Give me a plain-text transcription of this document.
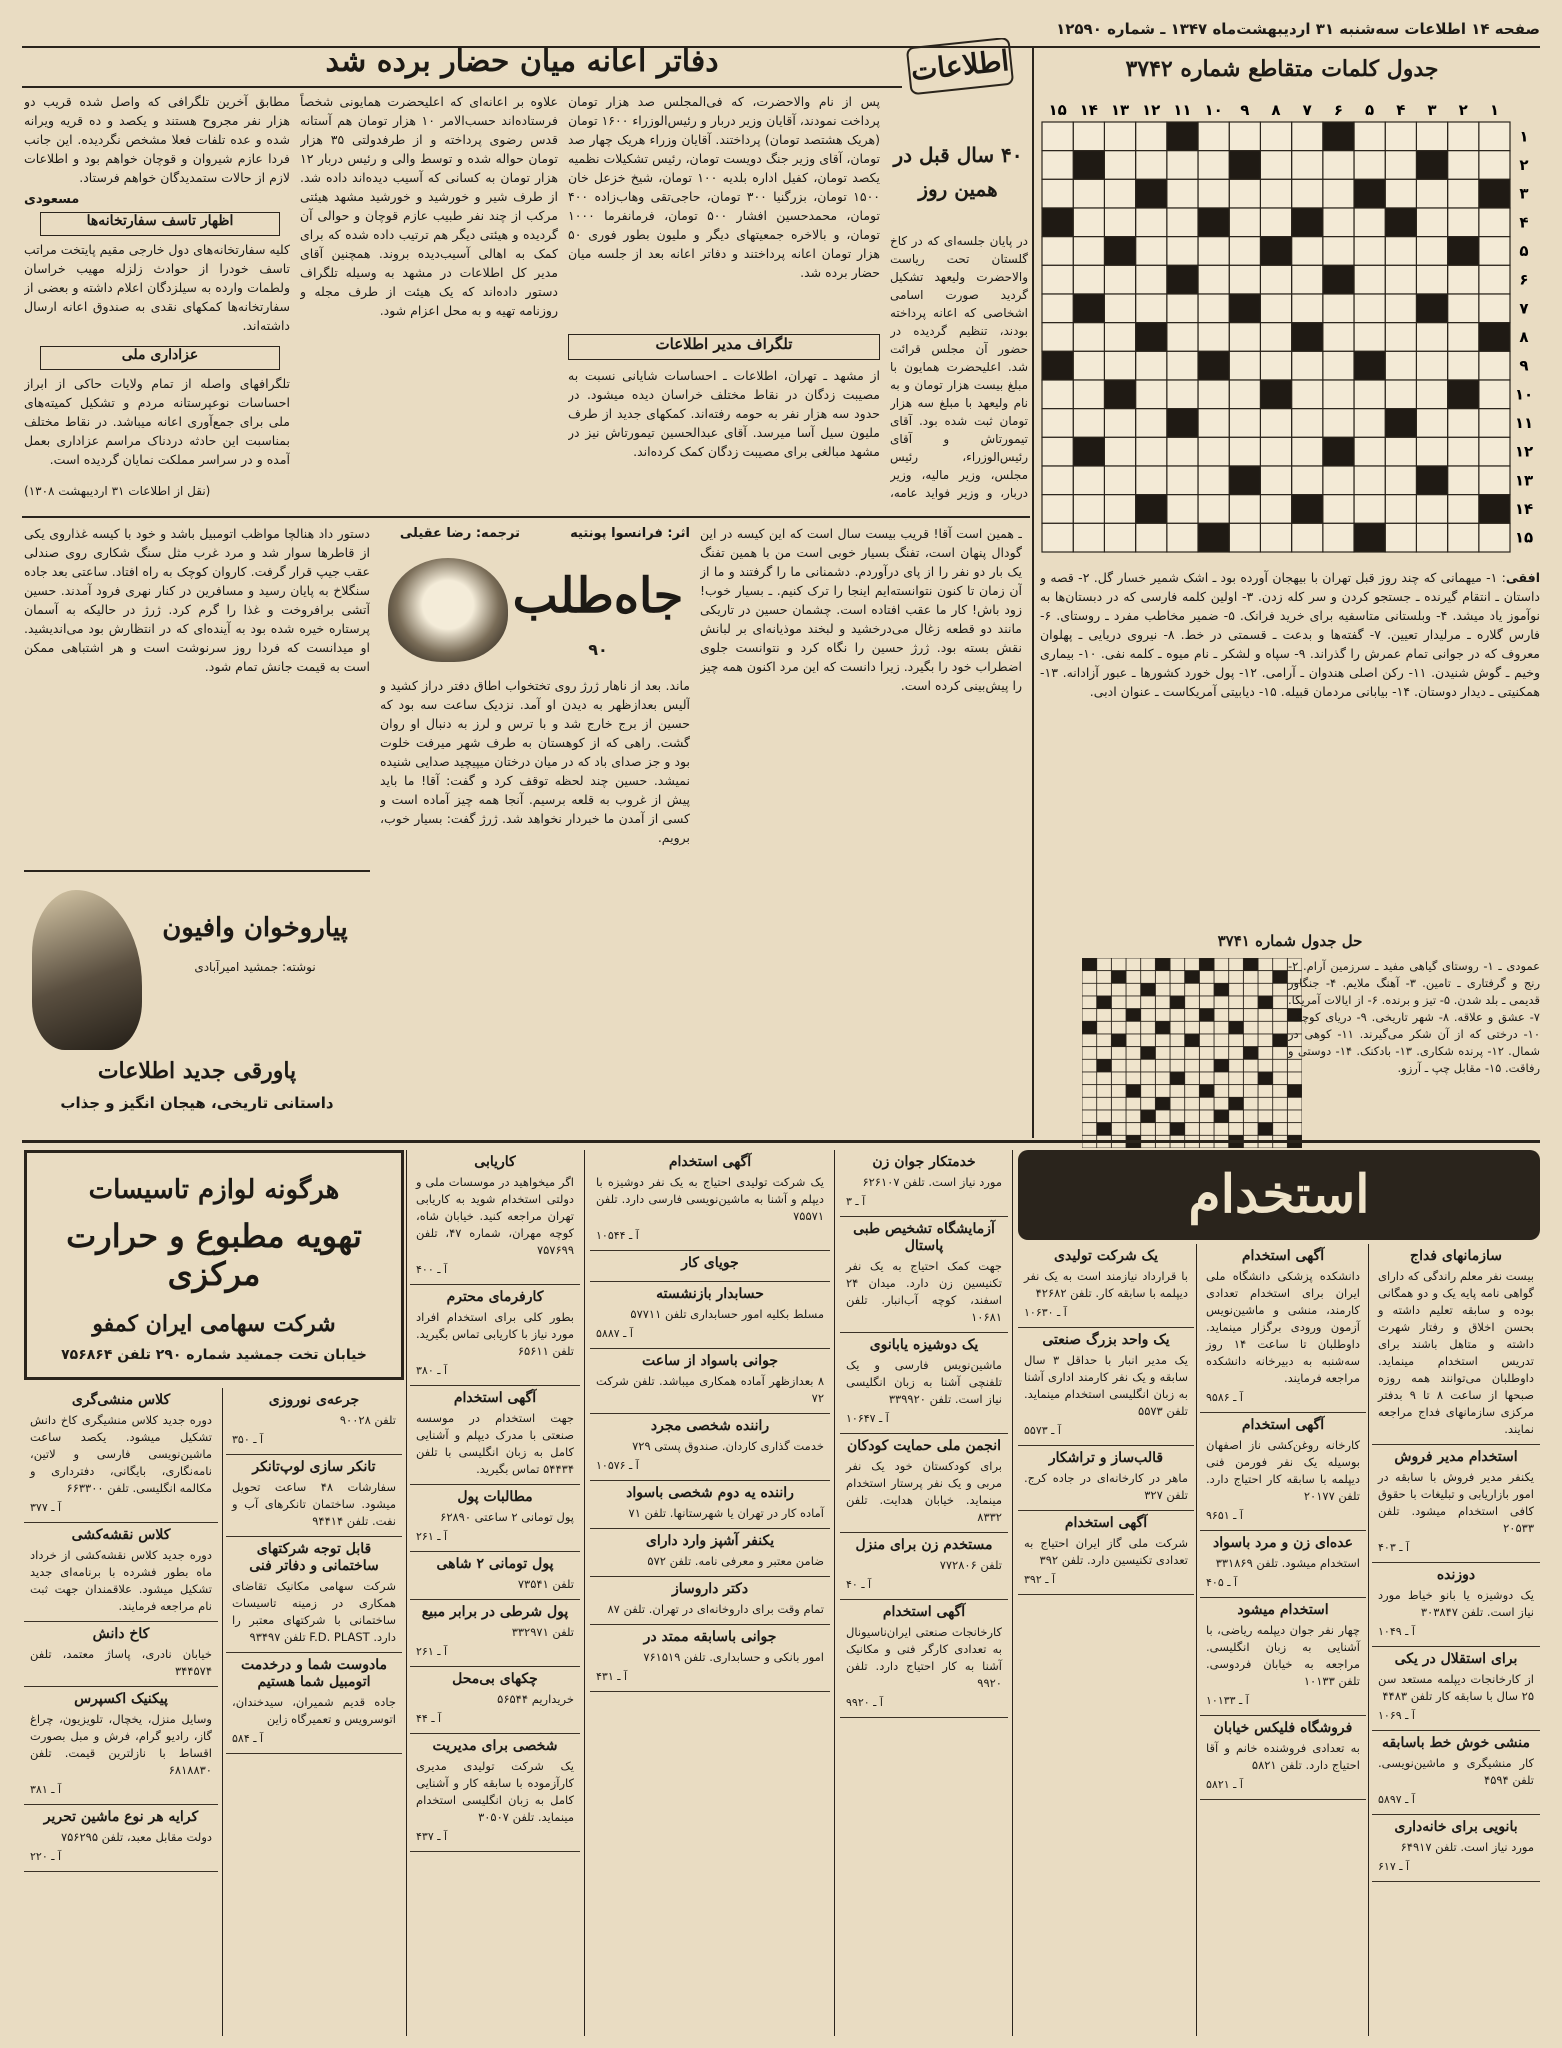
صفحه ۱۴ اطلاعات سه‌شنبه ۳۱ اردیبهشت‌ماه ۱۳۴۷ ـ شماره ۱۲۵۹۰
جدول کلمات متقاطع شماره ۳۷۴۲
۱
۲
۳
۴
۵
۶
۷
۸
۹
۱۰
۱۱
۱۲
۱۳
۱۴
۱۵
۱
۲
۳
۴
۵
۶
۷
۸
۹
۱۰
۱۱
۱۲
۱۳
۱۴
۱۵
افقی: ۱- میهمانی که چند روز قبل تهران با بیهجان آورده بود ـ اشک شمیر خسار گل. ۲- قصه و داستان ـ انتقام گیرنده ـ جستجو کردن و سر کله زدن. ۳- اولین کلمه فارسی که در دبستان‌ها به نوآموز یاد میشد. ۴- وبلستانی متاسفیه برای خرید فرانک. ۵- ضمیر مخاطب مفرد ـ روستای. ۶- فارس گلاره ـ مرلیدار تعیین. ۷- گفته‌ها و بدعت ـ قسمتی در خط. ۸- نیروی دریایی ـ پهلوان معروف که در جوانی تمام عمرش را گذراند. ۹- سپاه و لشکر ـ نام میوه ـ کلمه نفی. ۱۰- بیماری وخیم ـ گوش شنیدن. ۱۱- رکن اصلی هندوان ـ آرامی. ۱۲- پول خورد کشورها ـ عبور آزادانه. ۱۳- همکنیتی ـ دیدار دوستان. ۱۴- بیابانی مردمان قبیله. ۱۵- دیابیتی آمریکاست ـ عنوان ادبی.
حل جدول شماره ۳۷۴۱
عمودی ـ ۱- روستای گیاهی مفید ـ سرزمین آرام. ۲- رنج و گرفتاری ـ تامین. ۳- آهنگ ملایم. ۴- جنگاور قدیمی ـ بلد شدن. ۵- تیز و برنده. ۶- از ایالات آمریکا. ۷- عشق و علاقه. ۸- شهر تاریخی. ۹- دریای کوچک. ۱۰- درختی که از آن شکر می‌گیرند. ۱۱- کوهی در شمال. ۱۲- پرنده شکاری. ۱۳- بادکنک. ۱۴- دوستی و رفاقت. ۱۵- مقابل چپ ـ آرزو.
دفاتر اعانه میان حضار برده شد	اطلاعات
۴۰ سال قبل در همین روز
در پایان جلسه‌ای که در کاخ گلستان تحت ریاست والاحضرت ولیعهد تشکیل گردید صورت اسامی اشخاصی که اعانه پرداخته بودند، تنظیم گردیده در حضور آن مجلس قرائت شد. اعلیحضرت همایون با مبلغ بیست هزار تومان و به نام ولیعهد با مبلغ سه هزار تومان ثبت شده بود. آقای تیمورتاش و آقای رئیس‌الوزراء، رئیس مجلس، وزیر مالیه، وزیر دربار، و وزیر فواید عامه،
پس از نام والاحضرت، که فی‌المجلس صد هزار تومان پرداخت نمودند، آقایان وزیر دربار و رئیس‌الوزراء ۱۶۰۰ تومان (هریک هشتصد تومان) پرداختند. آقایان وزراء هریک چهار صد تومان، آقای وزیر جنگ دویست تومان، رئیس تشکیلات نظمیه یکصد تومان، کفیل اداره بلدیه ۱۰۰ تومان، شیخ خزعل خان ۱۵۰۰ تومان، بزرگنیا ۳۰۰ تومان، حاجی‌تقی وهاب‌زاده ۴۰۰ تومان، محمدحسین افشار ۵۰۰ تومان، فرمانفرما ۱۰۰۰ تومان، و بالاخره جمعیتهای دیگر و ملیون بطور فوری ۵۰ هزار تومان اعانه پرداختند و دفاتر اعانه بعد از جلسه میان حضار برده شد.
تلگراف مدیر اطلاعات
از مشهد ـ تهران، اطلاعات ـ احساسات شایانی نسبت به مصیبت زدگان در نقاط مختلف خراسان دیده میشود. در حدود سه هزار نفر به حومه رفته‌اند. کمکهای جدید از طرف ملیون سیل آسا میرسد. آقای عبدالحسین تیمورتاش نیز در مشهد مبالغی برای مصیبت زدگان کمک کرده‌اند.
علاوه بر اعانه‌ای که اعلیحضرت همایونی شخصاً فرستاده‌اند حسب‌الامر ۱۰ هزار تومان هم آستانه قدس رضوی پرداخته و از طرفدولتی ۳۵ هزار تومان حواله شده و توسط والی و رئیس دربار ۱۲ هزار تومان به کسانی که آسیب دیده‌اند داده شد. از طرف شیر و خورشید و خورشید مشهد هیئتی مرکب از چند نفر طبیب عازم قوچان و حوالی آن گردیده و هیئتی دیگر هم ترتیب داده شده که برای کمک به اهالی آسیب‌دیده بروند. همچنین آقای مدیر کل اطلاعات در مشهد به وسیله تلگراف دستور داده‌اند که یک هیئت از طرف مجله و روزنامه تهیه و به محل اعزام شود.
مطابق آخرین تلگرافی که واصل شده قریب دو هزار نفر مجروح هستند و یکصد و ده قریه ویرانه شده و عده تلفات فعلا مشخص نگردیده. این جانب فردا عازم شیروان و قوچان خواهم بود و اطلاعات لازم از حالات ستمدیدگان خواهم فرستاد.
مسعودی
اظهار تاسف سفارتخانه‌ها
کلیه سفارتخانه‌های دول خارجی مقیم پایتخت مراتب تاسف خودرا از حوادث زلزله مهیب خراسان ولطمات وارده به سیلزدگان اعلام داشته و بعضی از سفارتخانه‌ها کمکهای نقدی به صندوق اعانه ارسال داشته‌اند.
عزاداری ملی
تلگرافهای واصله از تمام ولایات حاکی از ابراز احساسات نوعپرستانه مردم و تشکیل کمیته‌های ملی برای جمع‌آوری اعانه میباشد. در نقاط مختلف بمناسبت این حادثه دردناک مراسم عزاداری بعمل آمده و در سراسر مملکت نمایان گردیده است.
(نقل از اطلاعات ۳۱ اردیبهشت ۱۳۰۸)
ـ همین است آقا! قریب بیست سال است که این کیسه در این گودال پنهان است، تفنگ بسیار خوبی است من با همین تفنگ یک بار دو نفر را از پای درآوردم. دشمنانی ما را گرفتند و ما از آن زمان تا کنون نتوانسته‌ایم اینجا را ترک کنیم. ـ بسیار خوب! زود باش! کار ما عقب افتاده است. چشمان حسین در تاریکی مانند دو قطعه زغال می‌درخشید و لبخند موذیانه‌ای بر لبانش نقش بسته بود. ژرژ حسین را نگاه کرد و نتوانست جلوی اضطراب خود را بگیرد. زیرا دانست که این مرد اکنون همه چیز را پیش‌بینی کرده است.
اثر: فرانسوا پونتیه
ترجمه: رضا عقیلی
جاه‌طلب
۹۰
ماند. بعد از ناهار ژرژ روی تختخواب اطاق دفتر دراز کشید و آلیس بعدازظهر به دیدن او آمد. نزدیک ساعت سه بود که حسین از برج خارج شد و با ترس و لرز به دنبال او روان گشت. راهی که از کوهستان به طرف شهر میرفت خلوت بود و جز صدای باد که در میان درختان میپیچید صدایی شنیده نمیشد. حسین چند لحظه توقف کرد و گفت: آقا! ما باید پیش از غروب به قلعه برسیم. آنجا همه چیز آماده است و کسی از آمدن ما خبردار نخواهد شد. ژرژ گفت: بسیار خوب، برویم.
دستور داد هنالچا مواظب اتومبیل باشد و خود با کیسه غذاروی یکی از قاطرها سوار شد و مرد غرب مثل سنگ شکاری روی صندلی عقب جیپ قرار گرفت. کاروان کوچک به راه افتاد. ساعتی بعد جاده سنگلاخ به پایان رسید و مسافرین در کنار نهری فرود آمدند. حسین آتشی برافروخت و غذا را گرم کرد. ژرژ در حالیکه به آسمان پرستاره خیره شده بود به آینده‌ای که در انتظارش بود می‌اندیشید. او میدانست که فردا روز سرنوشت است و هر اشتباهی ممکن است به قیمت جانش تمام شود.
پیاروخوان وافیون
نوشته: جمشید امیرآبادی
پاورقی جدید اطلاعات
داستانی تاریخی، هیجان انگیز و جذاب
استخدام
هرگونه لوازم تاسیسات
تهویه مطبوع و حرارت مرکزی
شرکت سهامی ایران کمفو
خیابان تخت جمشید شماره ۲۹۰ تلفن ۷۵۶۸۶۴
سازمانهای فداج
بیست نفر معلم راندگی که دارای گواهی نامه پایه یک و دو همگانی بوده و سابقه تعلیم داشته و بحسن اخلاق و رفتار شهرت داشته و متاهل باشند برای تدریس استخدام مینماید. داوطلبان می‌توانند همه روزه صبحها از ساعت ۸ تا ۹ بدفتر مرکزی سازمانهای فداج مراجعه نمایند.
استخدام مدیر فروش
یکنفر مدیر فروش با سابقه در امور بازاریابی و تبلیغات با حقوق کافی استخدام میشود. تلفن ۲۰۵۳۳
آ ـ ۴۰۳
دوزنده
یک دوشیزه یا بانو خیاط مورد نیاز است. تلفن ۳۰۳۸۴۷
آ ـ ۱۰۴۹
برای استقلال در یکی
از کارخانجات دیپلمه مستعد سن ۲۵ سال با سابقه کار تلفن ۴۴۸۳
آ ـ ۱۰۶۹
منشی خوش خط باسابقه
کار منشیگری و ماشین‌نویسی. تلفن ۴۵۹۴
آ ـ ۵۸۹۷
بانویی برای خانه‌داری
مورد نیاز است. تلفن ۶۴۹۱۷
آ ـ ۶۱۷
آگهی استخدام
دانشکده پزشکی دانشگاه ملی ایران برای استخدام تعدادی کارمند، منشی و ماشین‌نویس آزمون ورودی برگزار مینماید. داوطلبان تا ساعت ۱۴ روز سه‌شنبه به دبیرخانه دانشکده مراجعه فرمایند.
آ ـ ۹۵۸۶
آگهی استخدام
کارخانه روغن‌کشی ناز اصفهان بوسیله یک نفر فورمن فنی دیپلمه با سابقه کار احتیاج دارد. تلفن ۲۰۱۷۷
آ ـ ۹۶۵۱
عده‌ای زن و مرد باسواد
استخدام میشود. تلفن ۳۳۱۸۶۹
آ ـ ۴۰۵
استخدام میشود
چهار نفر جوان دیپلمه ریاضی، با آشنایی به زبان انگلیسی. مراجعه به خیابان فردوسی. تلفن ۱۰۱۳۳
آ ـ ۱۰۱۳۳
فروشگاه فلیکس خیابان
به تعدادی فروشنده خانم و آقا احتیاج دارد. تلفن ۵۸۲۱
آ ـ ۵۸۲۱
یک شرکت تولیدی
با قرارداد نیازمند است به یک نفر دیپلمه با سابقه کار. تلفن ۴۲۶۸۲
آ ـ ۱۰۶۳۰
یک واحد بزرگ صنعتی
یک مدیر انبار با حداقل ۳ سال سابقه و یک نفر کارمند اداری آشنا به زبان انگلیسی استخدام مینماید. تلفن ۵۵۷۳
آ ـ ۵۵۷۳
قالب‌ساز و تراشکار
ماهر در کارخانه‌ای در جاده کرج. تلفن ۳۲۷
آگهی استخدام
شرکت ملی گاز ایران احتیاج به تعدادی تکنیسین دارد. تلفن ۳۹۲
آ ـ ۳۹۲
خدمتکار جوان زن
مورد نیاز است. تلفن ۶۲۶۱۰۷
آ ـ ۳
آزمایشگاه تشخیص طبی پاستال
جهت کمک احتیاج به یک نفر تکنیسین زن دارد. میدان ۲۴ اسفند، کوچه آب‌انبار. تلفن ۱۰۶۸۱
یک دوشیزه یابانوی
ماشین‌نویس فارسی و یک تلفنچی آشنا به زبان انگلیسی نیاز است. تلفن ۳۳۹۹۲۰
آ ـ ۱۰۶۴۷
انجمن ملی حمایت کودکان
برای کودکستان خود یک نفر مربی و یک نفر پرستار استخدام مینماید. خیابان هدایت. تلفن ۸۳۳۲
مستخدم زن برای منزل
تلفن ۷۷۲۸۰۶
آ ـ ۴۰
آگهی استخدام
کارخانجات صنعتی ایران‌ناسیونال به تعدادی کارگر فنی و مکانیک آشنا به کار احتیاج دارد. تلفن ۹۹۲۰
آ ـ ۹۹۲۰
آگهی استخدام
یک شرکت تولیدی احتیاج به یک نفر دوشیزه با دیپلم و آشنا به ماشین‌نویسی فارسی دارد. تلفن ۷۵۵۷۱
آ ـ ۱۰۵۴۴
جویای کار
حسابدار بازنشسته
مسلط بکلیه امور حسابداری تلفن ۵۷۷۱۱
آ ـ ۵۸۸۷
جوانی باسواد از ساعت
۸ بعدازظهر آماده همکاری میباشد. تلفن شرکت ۷۲
راننده شخصی مجرد
خدمت گذاری کاردان. صندوق پستی ۷۲۹
آ ـ ۱۰۵۷۶
راننده یه دوم شخصی باسواد
آماده کار در تهران یا شهرستانها. تلفن ۷۱
یکنفر آشپز وارد دارای
ضامن معتبر و معرفی نامه. تلفن ۵۷۲
دکتر داروساز
تمام وقت برای داروخانه‌ای در تهران. تلفن ۸۷
جوانی باسابقه ممتد در
امور بانکی و حسابداری. تلفن ۷۶۱۵۱۹
آ ـ ۴۳۱
کاریابی
اگر میخواهید در موسسات ملی و دولتی استخدام شوید به کاریابی تهران مراجعه کنید. خیابان شاه، کوچه مهران، شماره ۴۷، تلفن ۷۵۷۶۹۹
آ ـ ۴۰۰
کارفرمای محترم
بطور کلی برای استخدام افراد مورد نیاز با کاریابی تماس بگیرید. تلفن ۶۵۶۱۱
آ ـ ۳۸۰
آگهی استخدام
جهت استخدام در موسسه صنعتی با مدرک دیپلم و آشنایی کامل به زبان انگلیسی با تلفن ۵۴۴۳۴ تماس بگیرید.
مطالبات پول
پول تومانی ۲ ساعتی ۶۲۸۹۰
آ ـ ۲۶۱
پول تومانی ۲ شاهی
تلفن ۷۳۵۴۱
پول شرطی در برابر مبیع
تلفن ۳۳۲۹۷۱
آ ـ ۲۶۱
چکهای بی‌محل
خریداریم ۵۶۵۴۴
آ ـ ۴۴
شخصی برای مدیریت
یک شرکت تولیدی مدیری کارآزموده با سابقه کار و آشنایی کامل به زبان انگلیسی استخدام مینماید. تلفن ۳۰۵۰۷
آ ـ ۴۳۷
جرعه‌ی نوروزی
تلفن ۹۰۰۲۸
آ ـ ۳۵۰
تانکر سازی لوپ‌تانکر
سفارشات ۴۸ ساعت تحویل میشود. ساختمان تانکرهای آب و نفت. تلفن ۹۴۴۱۴
قابل توجه شرکتهای ساختمانی و دفاتر فنی
شرکت سهامی مکانیک تقاضای همکاری در زمینه تاسیسات ساختمانی با شرکتهای معتبر را دارد. F.D. PLAST تلفن ۹۳۴۹۷
مادوست شما و درخدمت اتومبیل شما هستیم
جاده قدیم شمیران، سیدخندان، اتوسرویس و تعمیرگاه زاین
آ ـ ۵۸۴
کلاس منشی‌گری
دوره جدید کلاس منشیگری کاخ دانش تشکیل میشود. یکصد ساعت ماشین‌نویسی فارسی و لاتین، نامه‌نگاری، بایگانی، دفترداری و مکالمه انگلیسی. تلفن ۶۶۳۳۰۰
آ ـ ۳۷۷
کلاس نقشه‌کشی
دوره جدید کلاس نقشه‌کشی از خرداد ماه بطور فشرده با برنامه‌ای جدید تشکیل میشود. علاقمندان جهت ثبت نام مراجعه فرمایند.
کاخ دانش
خیابان نادری، پاساژ معتمد، تلفن ۳۴۴۵۷۴
پیکنیک اکسپرس
وسایل منزل، یخچال، تلویزیون، چراغ گاز، رادیو گرام، فرش و مبل بصورت اقساط با نازلترین قیمت. تلفن ۶۸۱۸۸۳۰
آ ـ ۳۸۱
کرایه هر نوع ماشین تحریر
دولت مقابل معبد، تلفن ۷۵۶۲۹۵
آ ـ ۲۲۰
